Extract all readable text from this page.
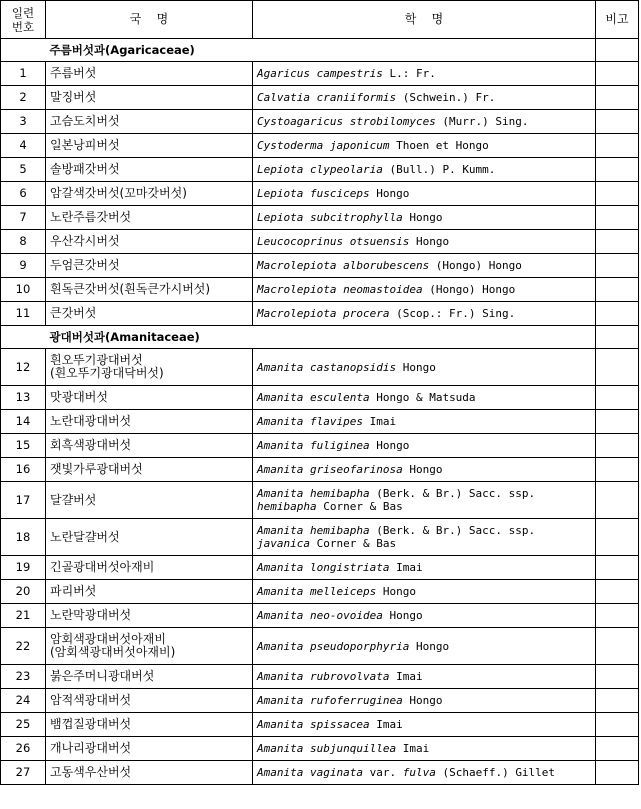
일련
번호	국    명	학    명	비고
	주름버섯과(Agaricaceae)		
1	주름버섯	Agaricus campestris L.: Fr.	
2	말징버섯	Calvatia craniiformis (Schwein.) Fr.	
3	고슴도치버섯	Cystoagaricus strobilomyces (Murr.) Sing.	
4	일본낭피버섯	Cystoderma japonicum Thoen et Hongo	
5	솔방패갓버섯	Lepiota clypeolaria (Bull.) P. Kumm.	
6	암갈색갓버섯(꼬마갓버섯)	Lepiota fusciceps Hongo	
7	노란주름갓버섯	Lepiota subcitrophylla Hongo	
8	우산각시버섯	Leucocoprinus otsuensis Hongo	
9	두엄큰갓버섯	Macrolepiota alborubescens (Hongo) Hongo	
10	흰독큰갓버섯(흰독큰가시버섯)	Macrolepiota neomastoidea (Hongo) Hongo	
11	큰갓버섯	Macrolepiota procera (Scop.: Fr.) Sing.	
	광대버섯과(Amanitaceae)		
12	흰오뚜기광대버섯
(흰오뚜기광대닥버섯)	Amanita castanopsidis Hongo	
13	맛광대버섯	Amanita esculenta Hongo & Matsuda	
14	노란대광대버섯	Amanita flavipes Imai	
15	회흑색광대버섯	Amanita fuliginea Hongo	
16	잿빛가루광대버섯	Amanita griseofarinosa Hongo	
17	달걀버섯	Amanita hemibapha (Berk. & Br.) Sacc. ssp.
hemibapha Corner & Bas	
18	노란달걀버섯	Amanita hemibapha (Berk. & Br.) Sacc. ssp.
javanica Corner & Bas	
19	긴골광대버섯아재비	Amanita longistriata Imai	
20	파리버섯	Amanita melleiceps Hongo	
21	노란막광대버섯	Amanita neo-ovoidea Hongo	
22	암회색광대버섯아재비
(암회색광대버섯아재비)	Amanita pseudoporphyria Hongo	
23	붉은주머니광대버섯	Amanita rubrovolvata Imai	
24	암적색광대버섯	Amanita rufoferruginea Hongo	
25	뱀껍질광대버섯	Amanita spissacea Imai	
26	개나리광대버섯	Amanita subjunquillea Imai	
27	고동색우산버섯	Amanita vaginata var. fulva (Schaeff.) Gillet	
